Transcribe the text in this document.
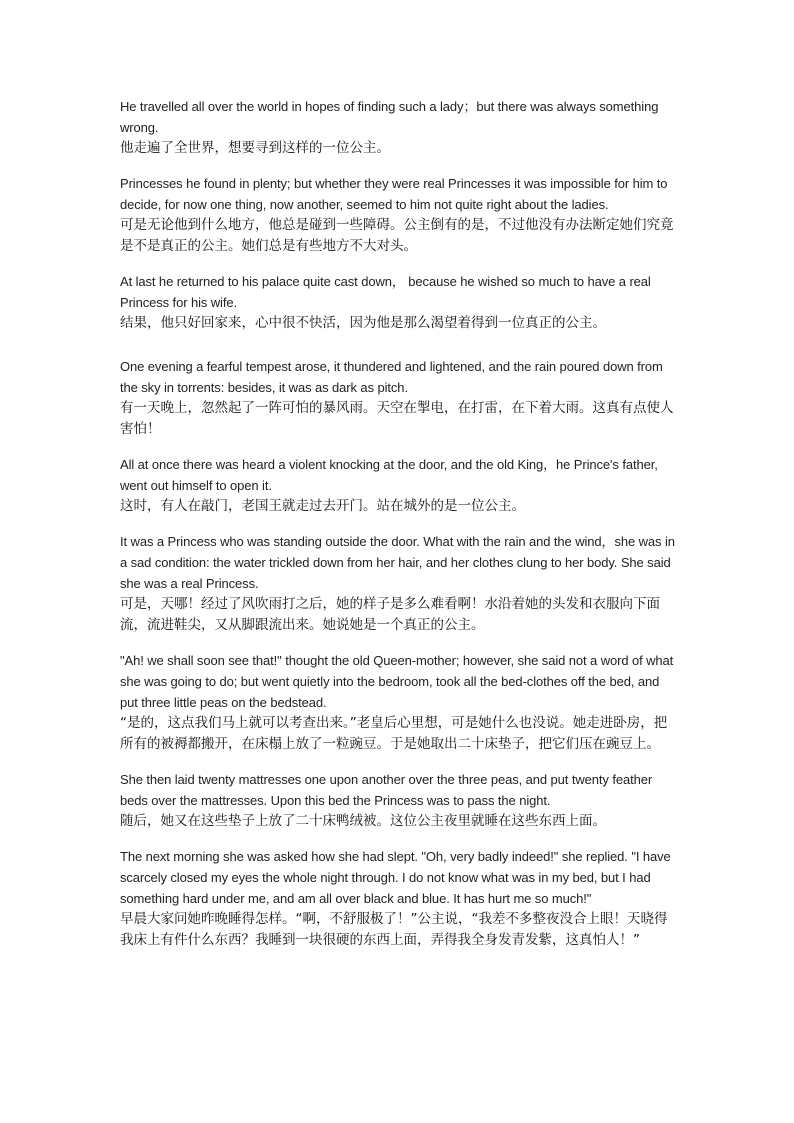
He travelled all over the world in hopes of finding such a lady；but there was always something wrong.

他走遍了全世界，想要寻到这样的一位公主。

Princesses he found in plenty; but whether they were real Princesses it was impossible for him to decide, for now one thing, now another, seemed to him not quite right about the ladies.

可是无论他到什么地方，他总是碰到一些障碍。公主倒有的是，不过他没有办法断定她们究竟是不是真正的公主。她们总是有些地方不大对头。

At last he returned to his palace quite cast down， because he wished so much to have a real Princess for his wife.

结果，他只好回家来，心中很不快活，因为他是那么渴望着得到一位真正的公主。

One evening a fearful tempest arose, it thundered and lightened, and the rain poured down from the sky in torrents: besides, it was as dark as pitch.

有一天晚上，忽然起了一阵可怕的暴风雨。天空在掣电，在打雷，在下着大雨。这真有点使人害怕！

All at once there was heard a violent knocking at the door, and the old King，he Prince's father, went out himself to open it.

这时，有人在敲门，老国王就走过去开门。站在城外的是一位公主。

It was a Princess who was standing outside the door. What with the rain and the wind，she was in a sad condition: the water trickled down from her hair, and her clothes clung to her body. She said she was a real Princess.

可是，天哪！经过了风吹雨打之后，她的样子是多么难看啊！水沿着她的头发和衣服向下面流，流进鞋尖，又从脚跟流出来。她说她是一个真正的公主。

"Ah! we shall soon see that!" thought the old Queen-mother; however, she said not a word of what she was going to do; but went quietly into the bedroom, took all the bed-clothes off the bed, and put three little peas on the bedstead.

“是的，这点我们马上就可以考查出来。”老皇后心里想，可是她什么也没说。她走进卧房，把所有的被褥都搬开，在床榻上放了一粒豌豆。于是她取出二十床垫子，把它们压在豌豆上。

She then laid twenty mattresses one upon another over the three peas, and put twenty feather beds over the mattresses. Upon this bed the Princess was to pass the night.

随后，她又在这些垫子上放了二十床鸭绒被。这位公主夜里就睡在这些东西上面。

The next morning she was asked how she had slept. "Oh, very badly indeed!" she replied. "I have scarcely closed my eyes the whole night through. I do not know what was in my bed, but I had something hard under me, and am all over black and blue. It has hurt me so much!"

早晨大家问她昨晚睡得怎样。“啊，不舒服极了！”公主说，“我差不多整夜没合上眼！天晓得我床上有件什么东西？我睡到一块很硬的东西上面，弄得我全身发青发紫，这真怕人！”
